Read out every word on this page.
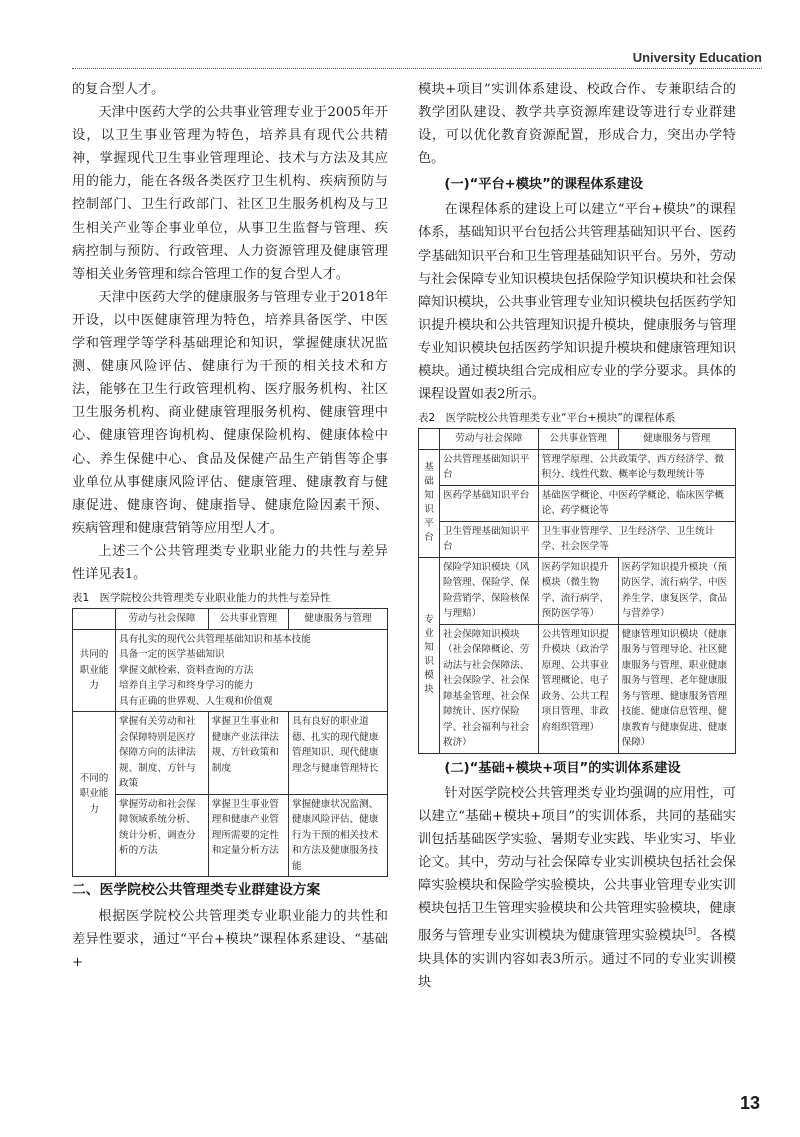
University Education

的复合型人才。

天津中医药大学的公共事业管理专业于2005年开设，以卫生事业管理为特色，培养具有现代公共精神，掌握现代卫生事业管理理论、技术与方法及其应用的能力，能在各级各类医疗卫生机构、疾病预防与控制部门、卫生行政部门、社区卫生服务机构及与卫生相关产业等企事业单位，从事卫生监督与管理、疾病控制与预防、行政管理、人力资源管理及健康管理等相关业务管理和综合管理工作的复合型人才。

天津中医药大学的健康服务与管理专业于2018年开设，以中医健康管理为特色，培养具备医学、中医学和管理学等学科基础理论和知识，掌握健康状况监测、健康风险评估、健康行为干预的相关技术和方法，能够在卫生行政管理机构、医疗服务机构、社区卫生服务机构、商业健康管理服务机构、健康管理中心、健康管理咨询机构、健康保险机构、健康体检中心、养生保健中心、食品及保健产品生产销售等企事业单位从事健康风险评估、健康管理、健康教育与健康促进、健康咨询、健康指导、健康危险因素干预、疾病管理和健康营销等应用型人才。

上述三个公共管理类专业职业能力的共性与差异性详见表1。

表1　医学院校公共管理类专业职业能力的共性与差异性
	劳动与社会保障	公共事业管理	健康服务与管理
共同的职业能力	具有扎实的现代公共管理基础知识和基本技能
具备一定的医学基础知识
掌握文献检索、资料查询的方法
培养自主学习和终身学习的能力
具有正确的世界观、人生观和价值观		

不同的职业能力	掌握有关劳动和社会保障特别是医疗保障方向的法律法规、制度、方针与政策	掌握卫生事业和健康产业法律法规、方针政策和制度	具有良好的职业道德、扎实的现代健康管理知识、现代健康理念与健康管理特长
	掌握劳动和社会保障领域系统分析、统计分析、调查分析的方法	掌握卫生事业管理和健康产业管理所需要的定性和定量分析方法	掌握健康状况监测、健康风险评估、健康行为干预的相关技术和方法及健康服务技能
二、医学院校公共管理类专业群建设方案

根据医学院校公共管理类专业职业能力的共性和差异性要求，通过“平台+模块”课程体系建设、“基础+

模块+项目”实训体系建设、校政合作、专兼职结合的教学团队建设、教学共享资源库建设等进行专业群建设，可以优化教育资源配置，形成合力，突出办学特色。

(一)“平台+模块”的课程体系建设

在课程体系的建设上可以建立“平台+模块”的课程体系，基础知识平台包括公共管理基础知识平台、医药学基础知识平台和卫生管理基础知识平台。另外，劳动与社会保障专业知识模块包括保险学知识模块和社会保障知识模块，公共事业管理专业知识模块包括医药学知识提升模块和公共管理知识提升模块，健康服务与管理专业知识模块包括医药学知识提升模块和健康管理知识模块。通过模块组合完成相应专业的学分要求。具体的课程设置如表2所示。

表2　医学院校公共管理类专业“平台+模块”的课程体系
	劳动与社会保障	公共事业管理	健康服务与管理

基础知识平台	公共管理基础知识平台	管理学原理、公共政策学、西方经济学、微积分、线性代数、概率论与数理统计等	
	医药学基础知识平台	基础医学概论、中医药学概论、临床医学概论、药学概论等	
	卫生管理基础知识平台	卫生事业管理学、卫生经济学、卫生统计学、社会医学等	

专业知识模块	保险学知识模块（风险管理、保险学、保险营销学、保险核保与理赔）	医药学知识提升模块（微生物学、流行病学、预防医学等）	医药学知识提升模块（预防医学、流行病学、中医养生学、康复医学、食品与营养学）
	社会保障知识模块（社会保障概论、劳动法与社会保障法、社会保险学、社会保障基金管理、社会保障统计、医疗保险学、社会福利与社会救济）	公共管理知识提升模块（政治学原理、公共事业管理概论、电子政务、公共工程项目管理、非政府组织管理）	健康管理知识模块（健康服务与管理导论、社区健康服务与管理、职业健康服务与管理、老年健康服务与管理、健康服务管理技能、健康信息管理、健康教育与健康促进、健康保障）
(二)“基础+模块+项目”的实训体系建设

针对医学院校公共管理类专业均强调的应用性，可以建立“基础+模块+项目”的实训体系，共同的基础实训包括基础医学实验、暑期专业实践、毕业实习、毕业论文。其中，劳动与社会保障专业实训模块包括社会保障实验模块和保险学实验模块，公共事业管理专业实训模块包括卫生管理实验模块和公共管理实验模块，健康服务与管理专业实训模块为健康管理实验模块[5]。各模块具体的实训内容如表3所示。通过不同的专业实训模块

13
